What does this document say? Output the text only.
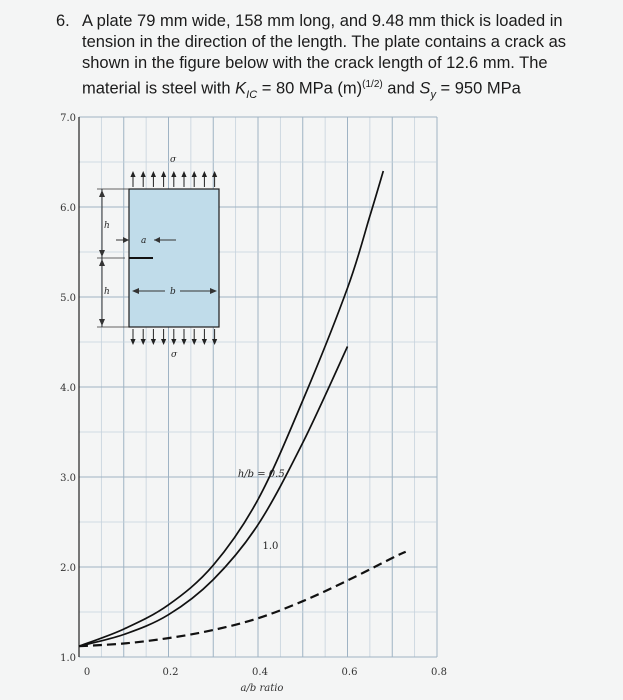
6. A plate 79 mm wide, 158 mm long, and 9.48 mm thick is loaded in
tension in the direction of the length. The plate contains a crack as
shown in the figure below with the crack length of 12.6 mm. The
material is steel with $K_{IC} = 80$ MPa $(m)^{(1/2)}$ and $S_y = 950$ MPa
1.0
2.0
3.0
4.0
5.0
6.0
7.0
0	0.2	0.4	0.6	0.8
a/b ratio
σ
σ
a
b
h
h
h/b = 0.5
1.0
